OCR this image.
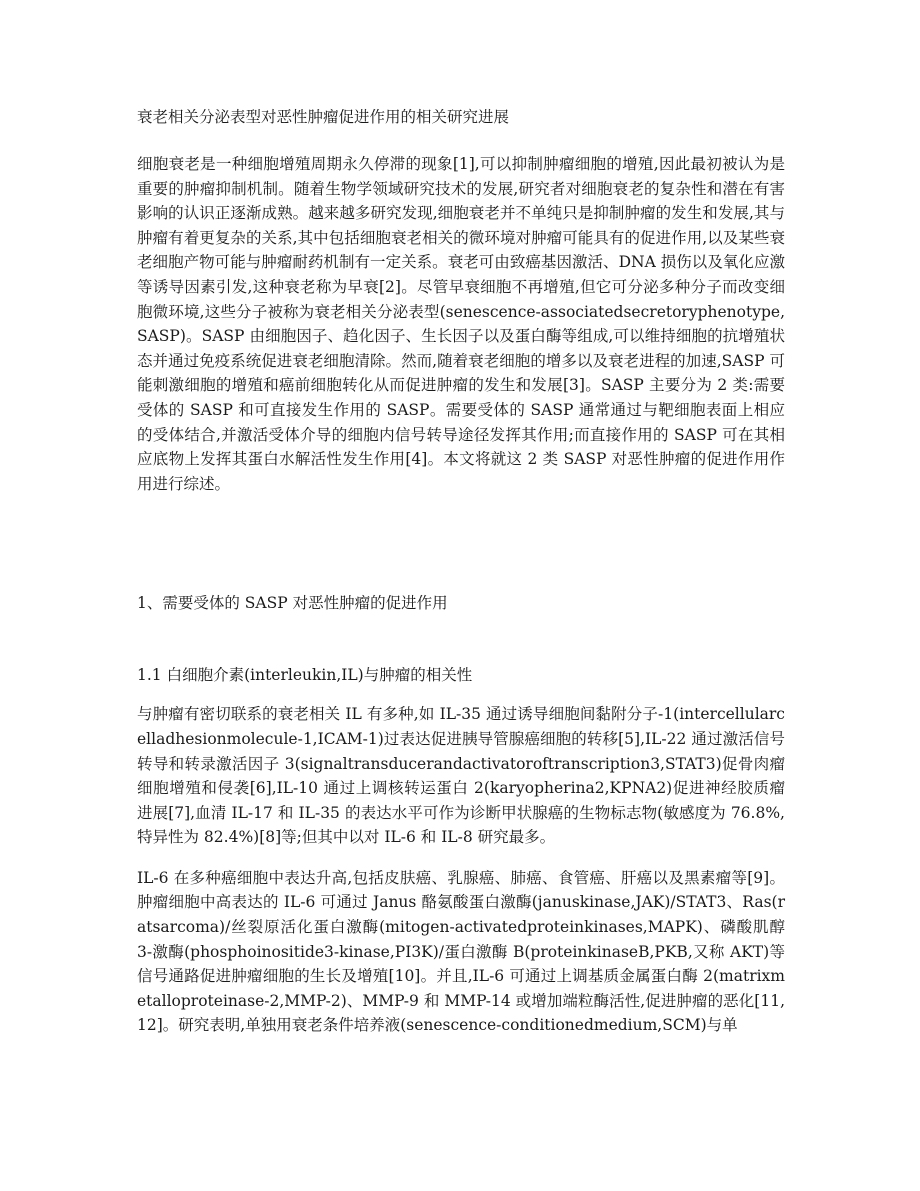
衰老相关分泌表型对恶性肿瘤促进作用的相关研究进展

细胞衰老是一种细胞增殖周期永久停滞的现象[1],可以抑制肿瘤细胞的增殖,因此最初被认为是重要的肿瘤抑制机制。随着生物学领域研究技术的发展,研究者对细胞衰老的复杂性和潜在有害影响的认识正逐渐成熟。越来越多研究发现,细胞衰老并不单纯只是抑制肿瘤的发生和发展,其与肿瘤有着更复杂的关系,其中包括细胞衰老相关的微环境对肿瘤可能具有的促进作用,以及某些衰老细胞产物可能与肿瘤耐药机制有一定关系。衰老可由致癌基因激活、DNA 损伤以及氧化应激等诱导因素引发,这种衰老称为早衰[2]。尽管早衰细胞不再增殖,但它可分泌多种分子而改变细胞微环境,这些分子被称为衰老相关分泌表型(senescence-associatedsecretoryphenotype,SASP)。SASP 由细胞因子、趋化因子、生长因子以及蛋白酶等组成,可以维持细胞的抗增殖状态并通过免疫系统促进衰老细胞清除。然而,随着衰老细胞的增多以及衰老进程的加速,SASP 可能刺激细胞的增殖和癌前细胞转化从而促进肿瘤的发生和发展[3]。SASP 主要分为 2 类:需要受体的 SASP 和可直接发生作用的 SASP。需要受体的 SASP 通常通过与靶细胞表面上相应的受体结合,并激活受体介导的细胞内信号转导途径发挥其作用;而直接作用的 SASP 可在其相应底物上发挥其蛋白水解活性发生作用[4]。本文将就这 2 类 SASP 对恶性肿瘤的促进作用作用进行综述。

1、需要受体的 SASP 对恶性肿瘤的促进作用

1.1 白细胞介素(interleukin,IL)与肿瘤的相关性

与肿瘤有密切联系的衰老相关 IL 有多种,如 IL-35 通过诱导细胞间黏附分子-1(intercellularcelladhesionmolecule-1,ICAM-1)过表达促进胰导管腺癌细胞的转移[5],IL-22 通过激活信号转导和转录激活因子 3(signaltransducerandactivatoroftranscription3,STAT3)促骨肉瘤细胞增殖和侵袭[6],IL-10 通过上调核转运蛋白 2(karyopherina2,KPNA2)促进神经胶质瘤进展[7],血清 IL-17 和 IL-35 的表达水平可作为诊断甲状腺癌的生物标志物(敏感度为 76.8%,特异性为 82.4%)[8]等;但其中以对 IL-6 和 IL-8 研究最多。

IL-6 在多种癌细胞中表达升高,包括皮肤癌、乳腺癌、肺癌、食管癌、肝癌以及黑素瘤等[9]。肿瘤细胞中高表达的 IL-6 可通过 Janus 酪氨酸蛋白激酶(januskinase,JAK)/STAT3、Ras(ratsarcoma)/丝裂原活化蛋白激酶(mitogen-activatedproteinkinases,MAPK)、磷酸肌醇 3-激酶(phosphoinositide3-kinase,PI3K)/蛋白激酶 B(proteinkinaseB,PKB,又称 AKT)等信号通路促进肿瘤细胞的生长及增殖[10]。并且,IL-6 可通过上调基质金属蛋白酶 2(matrixmetalloproteinase-2,MMP-2)、MMP-9 和 MMP-14 或增加端粒酶活性,促进肿瘤的恶化[11,12]。研究表明,单独用衰老条件培养液(senescence-conditionedmedium,SCM)与单
